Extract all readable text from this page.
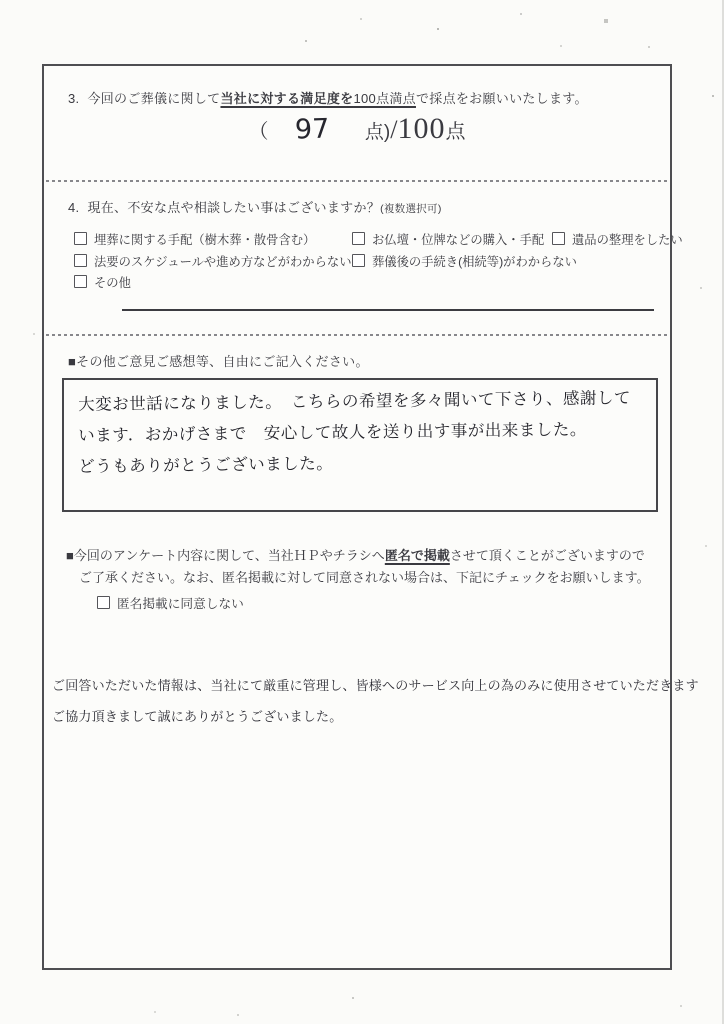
3. 今回のご葬儀に関して当社に対する満足度を100点満点で採点をお願いいたします。
（ 97 点)/100点
4. 現在、不安な点や相談したい事はございますか？(複数選択可)
埋葬に関する手配（樹木葬・散骨含む）	お仏壇・位牌などの購入・手配	遺品の整理をしたい
法要のスケジュールや進め方などがわからない	葬儀後の手続き(相続等)がわからない
その他
■その他ご意見ご感想等、自由にご記入ください。
大変お世話になりました。　こちらの希望を多々聞いて下さり、感謝して
います．おかげさまで　安心して故人を送り出す事が出来ました。
どうもありがとうございました。
■今回のアンケート内容に関して、当社ＨＰやチラシへ匿名で掲載させて頂くことがございますので
ご了承ください。なお、匿名掲載に対して同意されない場合は、下記にチェックをお願いします。
匿名掲載に同意しない
ご回答いただいた情報は、当社にて厳重に管理し、皆様へのサービス向上の為のみに使用させていただきます
ご協力頂きまして誠にありがとうございました。
